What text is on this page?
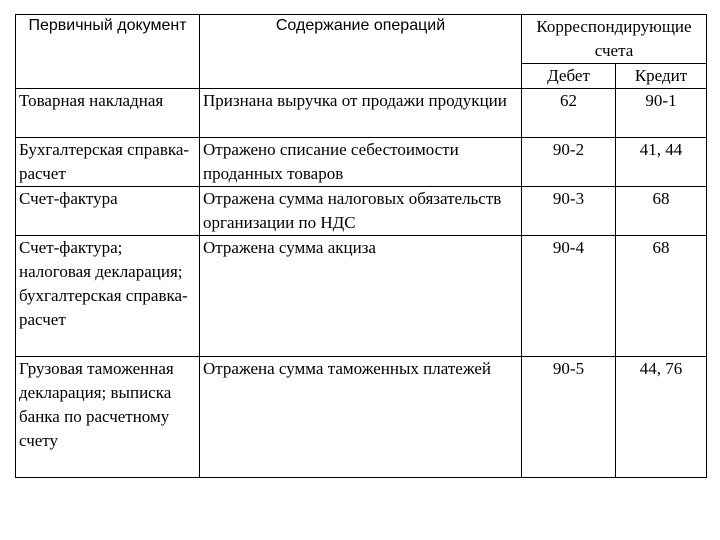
Первичный документ	Содержание операций	Корреспондирующие счета	
		Дебет	Кредит
Товарная накладная	Признана выручка от продажи продукции	62	90-1
Бухгалтерская справка-расчет	Отражено списание себестоимости проданных товаров	90-2	41, 44
Счет-фактура	Отражена сумма налоговых обязательств организации по НДС	90-3	68
Счет-фактура; налоговая декларация; бухгалтерская справка-расчет	Отражена сумма акциза	90-4	68
Грузовая таможенная декларация; выписка банка по расчетному счету	Отражена сумма таможенных платежей	90-5	44, 76
